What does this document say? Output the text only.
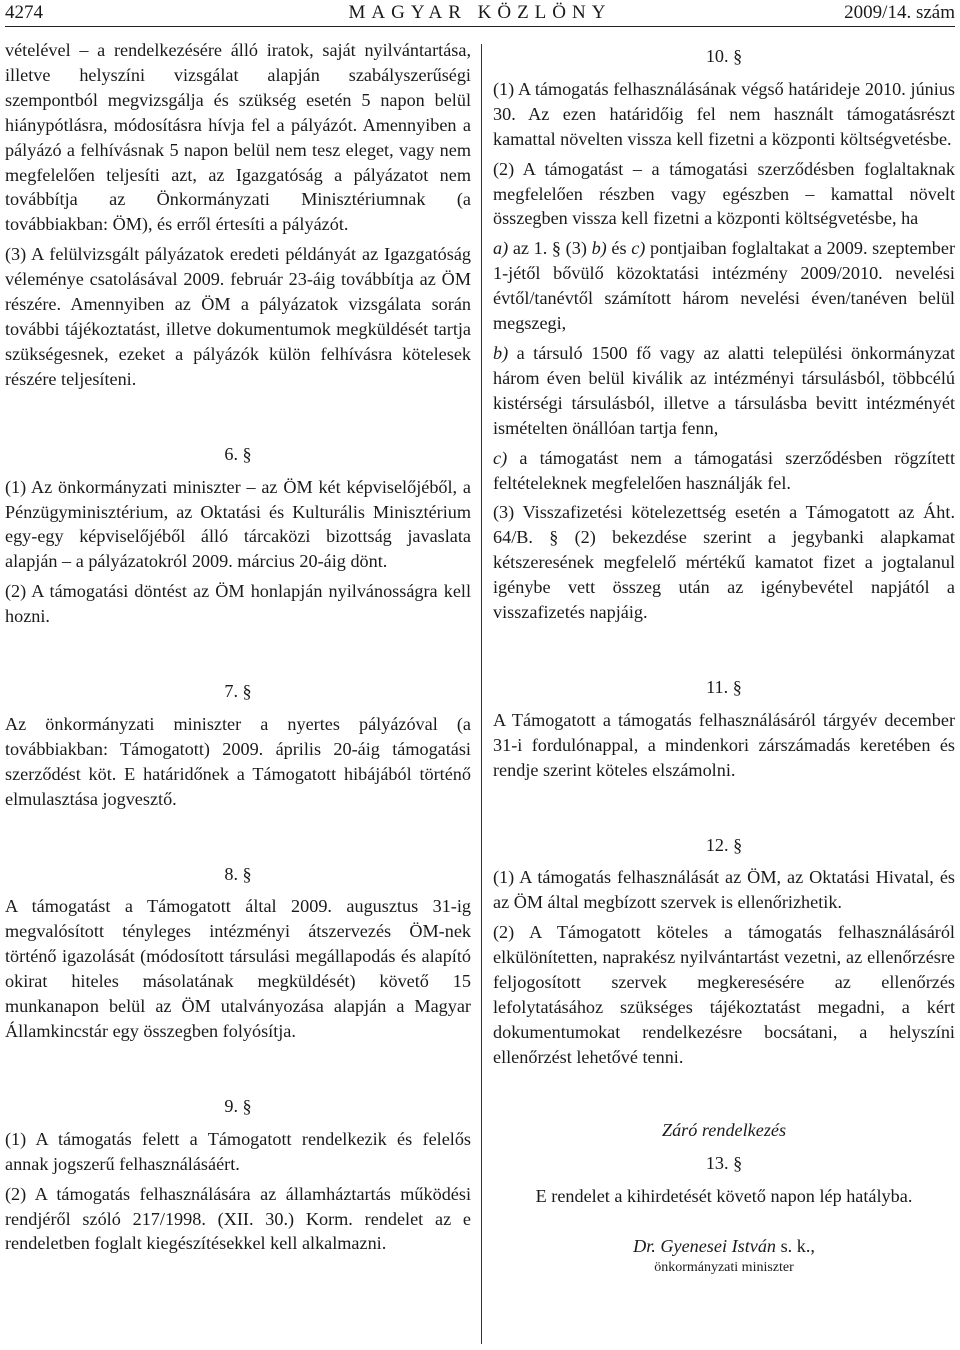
4274	MAGYAR KÖZLÖNY	2009/14. szám

vételével – a rendelkezésére álló iratok, saját nyilvántartása, illetve helyszíni vizsgálat alapján szabályszerűségi szempontból megvizsgálja és szükség esetén 5 napon belül hiánypótlásra, módosításra hívja fel a pályázót. Amennyiben a pályázó a felhívásnak 5 napon belül nem tesz eleget, vagy nem megfelelően teljesíti azt, az Igazgatóság a pályázatot nem továbbítja az Önkormányzati Minisztériumnak (a továbbiakban: ÖM), és erről értesíti a pályázót.

(3) A felülvizsgált pályázatok eredeti példányát az Igazgatóság véleménye csatolásával 2009. február 23-áig továbbítja az ÖM részére. Amennyiben az ÖM a pályázatok vizsgálata során további tájékoztatást, illetve dokumentumok megküldését tartja szükségesnek, ezeket a pályázók külön felhívásra kötelesek részére teljesíteni.

6. §

(1) Az önkormányzati miniszter – az ÖM két képviselőjéből, a Pénzügyminisztérium, az Oktatási és Kulturális Minisztérium egy-egy képviselőjéből álló tárcaközi bizottság javaslata alapján – a pályázatokról 2009. március 20-áig dönt.

(2) A támogatási döntést az ÖM honlapján nyilvánosságra kell hozni.

7. §

Az önkormányzati miniszter a nyertes pályázóval (a továbbiakban: Támogatott) 2009. április 20-áig támogatási szerződést köt. E határidőnek a Támogatott hibájából történő elmulasztása jogvesztő.

8. §

A támogatást a Támogatott által 2009. augusztus 31-ig megvalósított tényleges intézményi átszervezés ÖM-nek történő igazolását (módosított társulási megállapodás és alapító okirat hiteles másolatának megküldését) követő 15 munkanapon belül az ÖM utalványozása alapján a Magyar Államkincstár egy összegben folyósítja.

9. §

(1) A támogatás felett a Támogatott rendelkezik és felelős annak jogszerű felhasználásáért.

(2) A támogatás felhasználására az államháztartás működési rendjéről szóló 217/1998. (XII. 30.) Korm. rendelet az e rendeletben foglalt kiegészítésekkel kell alkalmazni.

10. §

(1) A támogatás felhasználásának végső határideje 2010. június 30. Az ezen határidőig fel nem használt támogatásrészt kamattal növelten vissza kell fizetni a központi költségvetésbe.

(2) A támogatást – a támogatási szerződésben foglaltaknak megfelelően részben vagy egészben – kamattal növelt összegben vissza kell fizetni a központi költségvetésbe, ha

a) az 1. § (3) b) és c) pontjaiban foglaltakat a 2009. szeptember 1-jétől bővülő közoktatási intézmény 2009/2010. nevelési évtől/tanévtől számított három nevelési éven/tanéven belül megszegi,

b) a társuló 1500 fő vagy az alatti települési önkormányzat három éven belül kiválik az intézményi társulásból, többcélú kistérségi társulásból, illetve a társulásba bevitt intézményét ismételten önállóan tartja fenn,

c) a támogatást nem a támogatási szerződésben rögzített feltételeknek megfelelően használják fel.

(3) Visszafizetési kötelezettség esetén a Támogatott az Áht. 64/B. § (2) bekezdése szerint a jegybanki alapkamat kétszeresének megfelelő mértékű kamatot fizet a jogtalanul igénybe vett összeg után az igénybevétel napjától a visszafizetés napjáig.

11. §

A Támogatott a támogatás felhasználásáról tárgyév december 31-i fordulónappal, a mindenkori zárszámadás keretében és rendje szerint köteles elszámolni.

12. §

(1) A támogatás felhasználását az ÖM, az Oktatási Hivatal, és az ÖM által megbízott szervek is ellenőrizhetik.

(2) A Támogatott köteles a támogatás felhasználásáról elkülönítetten, naprakész nyilvántartást vezetni, az ellenőrzésre feljogosított szervek megkeresésére az ellenőrzés lefolytatásához szükséges tájékoztatást megadni, a kért dokumentumokat rendelkezésre bocsátani, a helyszíni ellenőrzést lehetővé tenni.

Záró rendelkezés

13. §

E rendelet a kihirdetését követő napon lép hatályba.

Dr. Gyenesei István s. k.,

önkormányzati miniszter
